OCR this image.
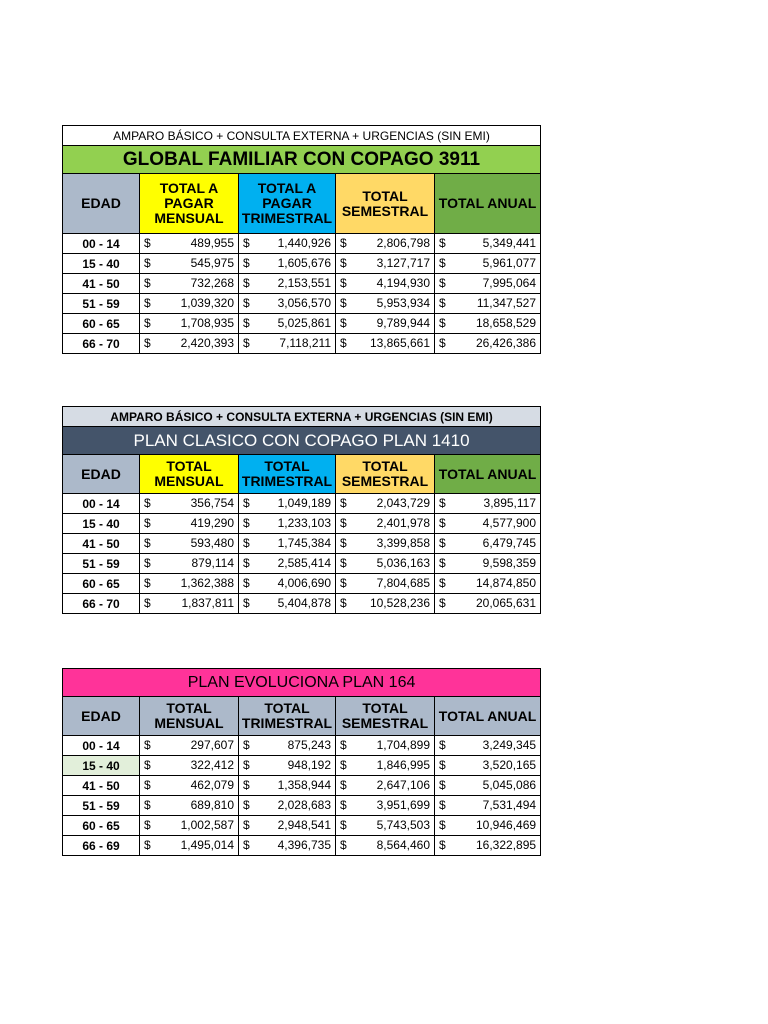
AMPARO BÁSICO + CONSULTA EXTERNA + URGENCIAS (SIN EMI)				
GLOBAL FAMILIAR CON COPAGO 3911				
EDAD	TOTAL A PAGAR MENSUAL	TOTAL A PAGAR TRIMESTRAL	TOTAL SEMESTRAL	TOTAL ANUAL
00 - 14	$ 489,955	$ 1,440,926	$ 2,806,798	$ 5,349,441

15 - 40	$ 545,975	$ 1,605,676	$ 3,127,717	$ 5,961,077

41 - 50	$ 732,268	$ 2,153,551	$ 4,194,930	$ 7,995,064

51 - 59	$ 1,039,320	$ 3,056,570	$ 5,953,934	$ 11,347,527

60 - 65	$ 1,708,935	$ 5,025,861	$ 9,789,944	$ 18,658,529

66 - 70	$ 2,420,393	$ 7,118,211	$ 13,865,661	$ 26,426,386
AMPARO BÁSICO + CONSULTA EXTERNA + URGENCIAS (SIN EMI)				
PLAN CLASICO CON COPAGO PLAN 1410				
EDAD	TOTAL MENSUAL	TOTAL TRIMESTRAL	TOTAL SEMESTRAL	TOTAL ANUAL
00 - 14	$ 356,754	$ 1,049,189	$ 2,043,729	$ 3,895,117

15 - 40	$ 419,290	$ 1,233,103	$ 2,401,978	$ 4,577,900

41 - 50	$ 593,480	$ 1,745,384	$ 3,399,858	$ 6,479,745

51 - 59	$ 879,114	$ 2,585,414	$ 5,036,163	$ 9,598,359

60 - 65	$ 1,362,388	$ 4,006,690	$ 7,804,685	$ 14,874,850

66 - 70	$ 1,837,811	$ 5,404,878	$ 10,528,236	$ 20,065,631
PLAN EVOLUCIONA PLAN 164				
EDAD	TOTAL MENSUAL	TOTAL TRIMESTRAL	TOTAL SEMESTRAL	TOTAL ANUAL
00 - 14	$ 297,607	$ 875,243	$ 1,704,899	$ 3,249,345

15 - 40	$ 322,412	$ 948,192	$ 1,846,995	$ 3,520,165

41 - 50	$ 462,079	$ 1,358,944	$ 2,647,106	$ 5,045,086

51 - 59	$ 689,810	$ 2,028,683	$ 3,951,699	$ 7,531,494

60 - 65	$ 1,002,587	$ 2,948,541	$ 5,743,503	$ 10,946,469

66 - 69	$ 1,495,014	$ 4,396,735	$ 8,564,460	$ 16,322,895
